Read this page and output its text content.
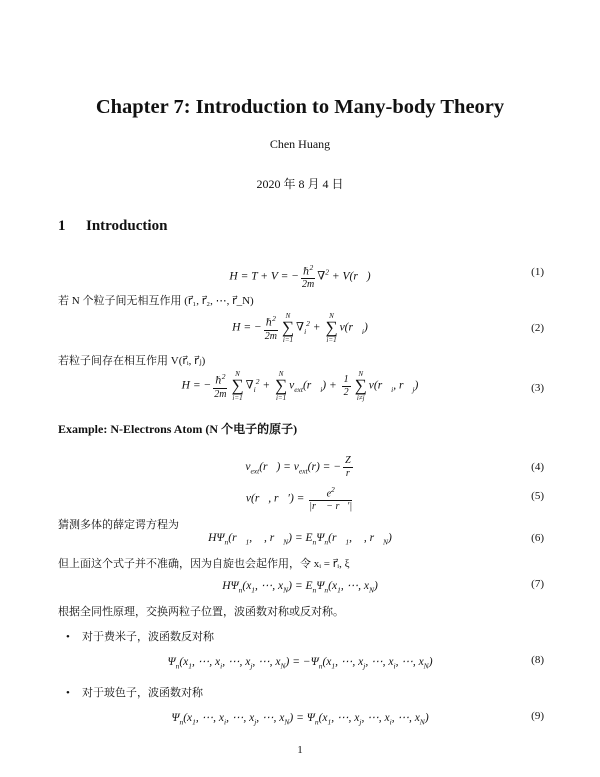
Chapter 7: Introduction to Many-body Theory
Chen Huang
2020 年 8 月 4 日
1 Introduction
H = T + V = − $\frac{\hbar^2}{2m} \nabla^2$ + V(r⃗)	(1)
若 N 个粒子间无相互作用 (r⃗₁, r⃗₂, ⋯, r⃗_N)
H = − $\frac{\hbar^2}{2m}$	N
∑
i=1
$\nabla_i^2$ +
N
∑
i=1
$v(r⃗_i)$	(2)
若粒子间存在相互作用 V(r⃗ᵢ, r⃗ⱼ)
H = − $\frac{\hbar^2}{2m}$	N
∑
i=1
$\nabla_i^2$ +
N
∑
i=1
$v_{ext}(r⃗_i) + \frac{1}{2}$	N
∑
i≠j
$v(r⃗_i$, $r⃗_j$)	(3)
Example: N-Electrons Atom (N 个电子的原子)
$v_{ext}(r⃗) = v_{ext}(r)$ = − $\frac{Z}{r}$	(4)
v(r⃗, r⃗′) = $\frac{e^2}{|r⃗ - r⃗'|}$	(5)
猜测多体的薛定谔方程为
$H\Psi_n(r⃗_1$, ⋯, $r⃗_N$) = $E_n\Psi_n(r⃗_1$, ⋯, $r⃗_N$)	(6)
但上面这个式子并不准确，因为自旋也会起作用，令 xᵢ = r⃗ᵢ, ξ
$H\Psi_n(x_1$, ⋯, $x_N) = E_n\Psi_n(x_1$, ⋯, $x_N$)	(7)
根据全同性原理，交换两粒子位置，波函数对称或反对称。
• 对于费米子，波函数反对称
$\Psi_n(x_1$, ⋯, $x_i$, ⋯, $x_j$, ⋯, $x_N) = -\Psi_n(x_1$, ⋯, $x_j$, ⋯, $x_i$, ⋯, $x_N$)	(8)
• 对于玻色子，波函数对称
$\Psi_n(x_1$, ⋯, $x_i$, ⋯, $x_j$, ⋯, $x_N) = \Psi_n(x_1$, ⋯, $x_j$, ⋯, $x_i$, ⋯, $x_N$)	(9)
1
